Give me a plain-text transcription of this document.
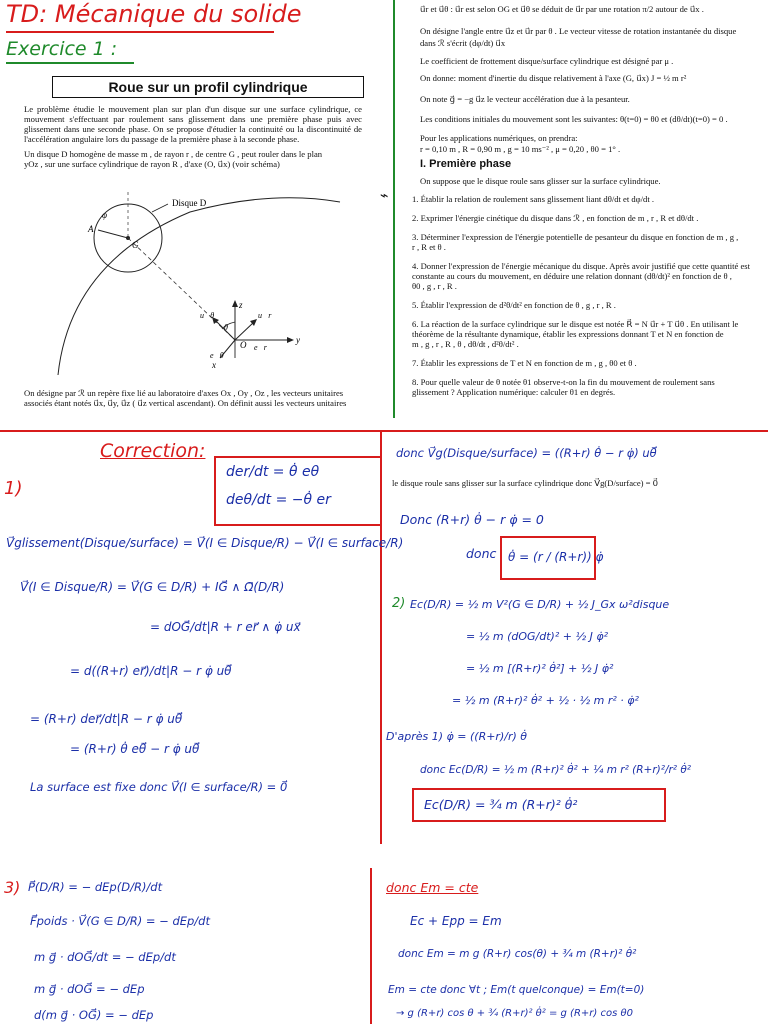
TD: Mécanique du solide
Exercice 1 :
Roue sur un profil cylindrique
Le problème étudie le mouvement plan sur plan d'un disque sur une surface cylindrique, ce mouvement s'effectuant par roulement sans glissement dans une première phase puis avec glissement dans une seconde phase. On se propose d'étudier la continuité ou la discontinuité de l'accélération angulaire lors du passage de la première phase à la seconde phase.
Un disque D homogène de masse m , de rayon r , de centre G , peut rouler dans le plan
yOz , sur une surface cylindrique de rayon R , d'axe (O, u⃗x) (voir schéma)
Disque D
φ
A
G
O
θ
z
y
x
u⃗θ	u⃗r
e⃗θ
e⃗r
On désigne par ℛ un repère fixe lié au laboratoire d'axes Ox , Oy , Oz , les vecteurs unitaires
associés étant notés u⃗x, u⃗y, u⃗z ( u⃗z vertical ascendant). On définit aussi les vecteurs unitaires
⌁
u⃗r et u⃗θ : u⃗r est selon OG et u⃗θ se déduit de u⃗r par une rotation π/2 autour de u⃗x .
On désigne l'angle entre u⃗z et u⃗r par θ . Le vecteur vitesse de rotation instantanée du disque
dans ℛ s'écrit (dφ/dt) u⃗x
Le coefficient de frottement disque/surface cylindrique est désigné par μ .
On donne: moment d'inertie du disque relativement à l'axe (G, u⃗x) J = ½ m r²
On note g⃗ = −g u⃗z le vecteur accélération due à la pesanteur.
Les conditions initiales du mouvement sont les suivantes: θ(t=0) = θ0 et (dθ/dt)(t=0) = 0 .
Pour les applications numériques, on prendra:
r = 0,10 m , R = 0,90 m , g = 10 ms⁻² , μ = 0,20 , θ0 = 1° .
I. Première phase
On suppose que le disque roule sans glisser sur la surface cylindrique.
1. Établir la relation de roulement sans glissement liant dθ/dt et dφ/dt .
2. Exprimer l'énergie cinétique du disque dans ℛ , en fonction de m , r , R et dθ/dt .
3. Déterminer l'expression de l'énergie potentielle de pesanteur du disque en fonction de m , g ,
r , R et θ .
4. Donner l'expression de l'énergie mécanique du disque. Après avoir justifié que cette quantité est
constante au cours du mouvement, en déduire une relation donnant (dθ/dt)² en fonction de θ ,
θ0 , g , r , R .
5. Établir l'expression de d²θ/dt² en fonction de θ , g , r , R .
6. La réaction de la surface cylindrique sur le disque est notée R⃗ = N u⃗r + T u⃗θ . En utilisant le
théorème de la résultante dynamique, établir les expressions donnant T et N en fonction de
m , g , r , R , θ , dθ/dt , d²θ/dt² .
7. Établir les expressions de T et N en fonction de m , g , θ0 et θ .
8. Pour quelle valeur de θ notée θ1 observe-t-on la fin du mouvement de roulement sans
glissement ? Application numérique: calculer θ1 en degrés.
Correction:
der/dt = θ̇ eθ
deθ/dt = −θ̇ er
1)
V⃗glissement(Disque/surface) = V⃗(I ∈ Disque/R) − V⃗(I ∈ surface/R)
V⃗(I ∈ Disque/R) = V⃗(G ∈ D/R) + IG⃗ ∧ Ω⃗(D/R)
= dOG⃗/dt|R + r er⃗ ∧ φ̇ ux⃗
= d((R+r) er⃗)/dt|R − r φ̇ uθ⃗
= (R+r) der⃗/dt|R − r φ̇ uθ⃗
= (R+r) θ̇ eθ⃗ − r φ̇ uθ⃗
La surface est fixe donc V⃗(I ∈ surface/R) = 0⃗
donc V⃗g(Disque/surface) = ((R+r) θ̇ − r φ̇) uθ⃗
le disque roule sans glisser sur la surface cylindrique donc V⃗g(D/surface) = 0⃗
Donc (R+r) θ̇ − r φ̇ = 0
donc θ̇ = (r / (R+r)) φ̇
2) Ec(D/R) = ½ m V²(G ∈ D/R) + ½ J_Gx ω²disque
= ½ m (dOG/dt)² + ½ J φ̇²
= ½ m [(R+r)² θ̇²] + ½ J φ̇²
= ½ m (R+r)² θ̇² + ½ · ½ m r² · φ̇²
D'après 1) φ̇ = ((R+r)/r) θ̇
donc Ec(D/R) = ½ m (R+r)² θ̇² + ¼ m r² (R+r)²/r² θ̇²
Ec(D/R) = ¾ m (R+r)² θ̇²
3) P⃗(D/R) = − dEp(D/R)/dt
F⃗poids · V⃗(G ∈ D/R) = − dEp/dt
m g⃗ · dOG⃗/dt = − dEp/dt
m g⃗ · dOG⃗ = − dEp
d(m g⃗ · OG⃗) = − dEp
donc Em = cte
Ec + Epp = Em
donc Em = m g (R+r) cos(θ) + ¾ m (R+r)² θ̇²
Em = cte donc ∀t ; Em(t quelconque) = Em(t=0)
→ g (R+r) cos θ + ¾ (R+r)² θ̇² = g (R+r) cos θ0
